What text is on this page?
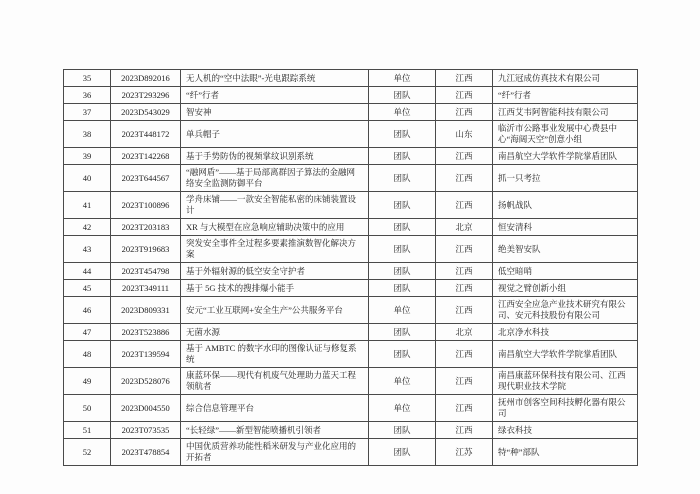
35	2023D892016	无人机的“空中法眼”-光电跟踪系统	单位	江西	九江冠成仿真技术有限公司
36	2023T293296	“纤”行者	团队	江西	“纤”行者
37	2023D543029	智安神	单位	江西	江西艾韦阿智能科技有限公司
38	2023T448172	单兵帽子	团队	山东	临沂市公路事业发展中心费县中心“海阔天空”创意小组
39	2023T142268	基于手势防伪的视频掌纹识别系统	团队	江西	南昌航空大学软件学院掌盾团队
40	2023T644567	“融网盾”——基于局部离群因子算法的金融网络安全监测防御平台	团队	江西	抓一只考拉
41	2023T100896	学舟床铺——一款安全智能私密的床铺装置设计	团队	江西	扬帆战队
42	2023T203183	XR 与大模型在应急响应辅助决策中的应用	团队	北京	恒安清科
43	2023T919683	突发安全事件全过程多要素推演数智化解决方案	团队	江西	绝美智安队
44	2023T454798	基于外辐射源的低空安全守护者	团队	江西	低空暗哨
45	2023T349111	基于 5G 技术的搜排爆小能手	团队	江西	视觉之臂创新小组
46	2023D809331	安元“工业互联网+安全生产”公共服务平台	单位	江西	江西安全应急产业技术研究有限公司、安元科技股份有限公司
47	2023T523886	无菌水源	团队	北京	北京净水科技
48	2023T139594	基于 AMBTC 的数字水印的图像认证与修复系统	团队	江西	南昌航空大学软件学院掌盾团队
49	2023D528076	康蓝环保——现代有机废气处理助力蓝天工程领航者	单位	江西	南昌康蓝环保科技有限公司、江西现代职业技术学院
50	2023D004550	综合信息管理平台	单位	江西	抚州市创客空间科技孵化器有限公司
51	2023T073535	“长轻绿”——新型智能喷播机引领者	团队	江西	绿衣科技
52	2023T478854	中国优质营养功能性稻米研发与产业化应用的开拓者	团队	江苏	特“种”部队
